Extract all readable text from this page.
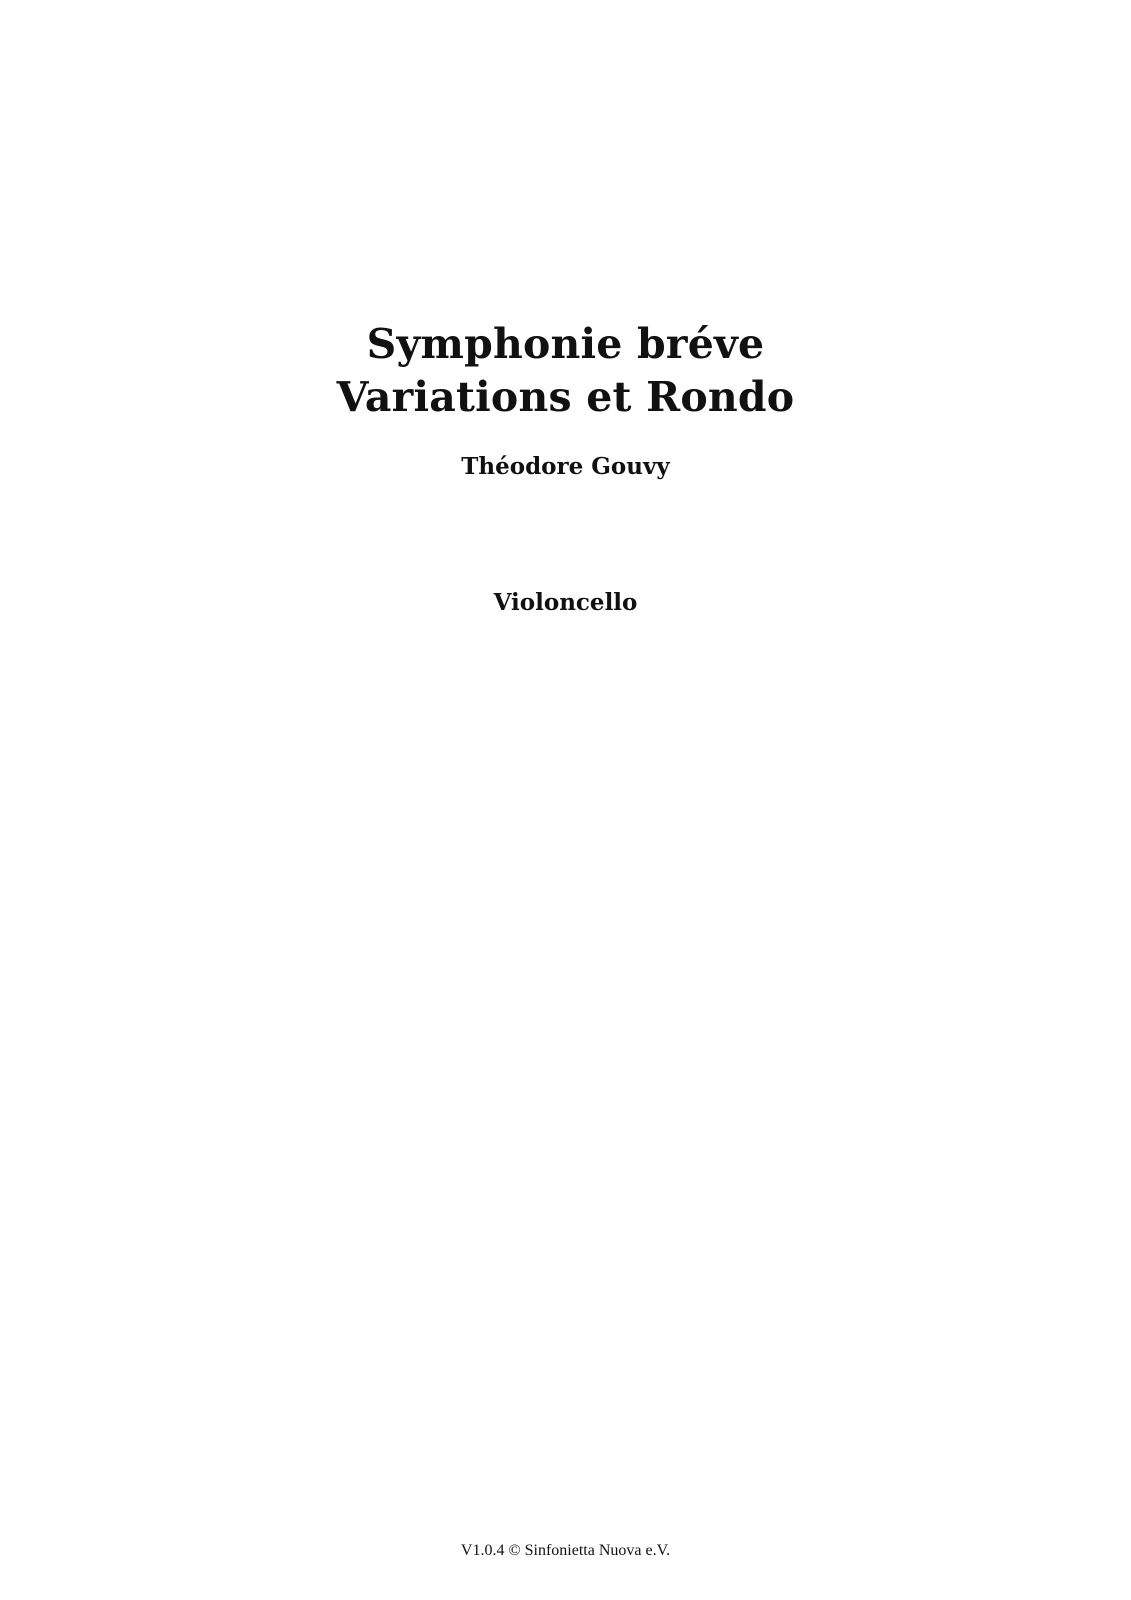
Symphonie bréve
Variations et Rondo
Théodore Gouvy
Violoncello
V1.0.4 © Sinfonietta Nuova e.V.
